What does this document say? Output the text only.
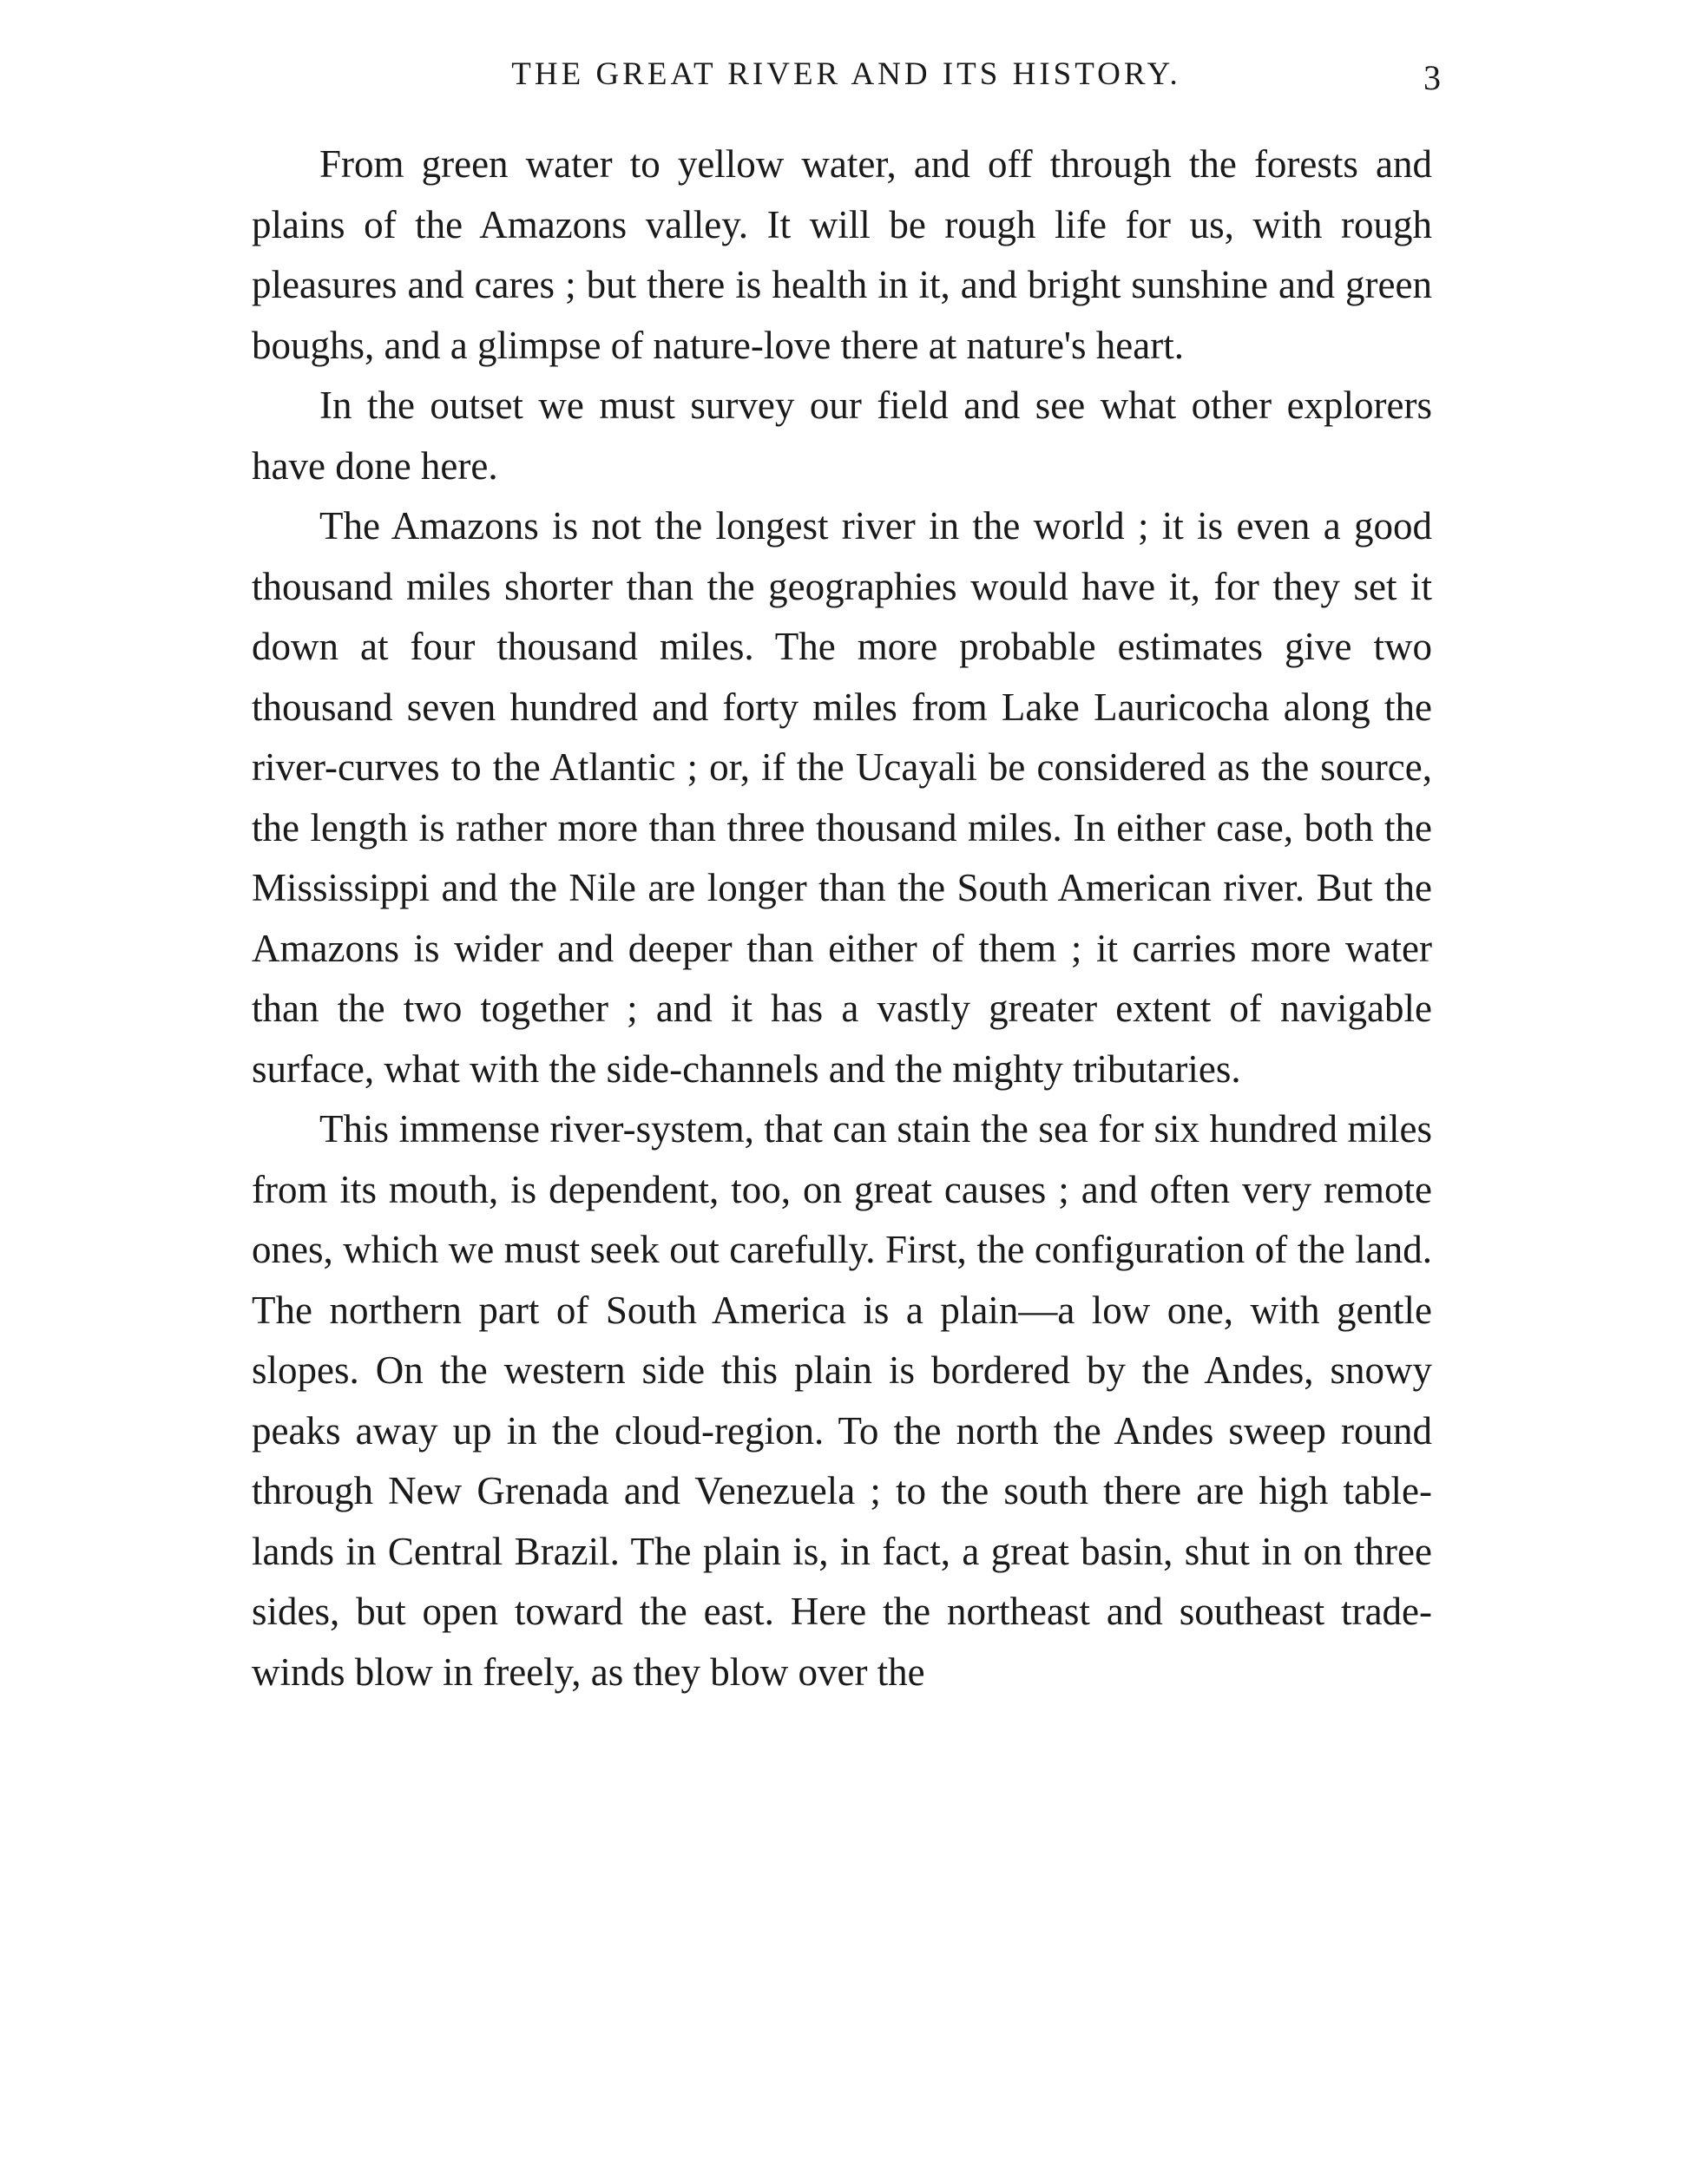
THE GREAT RIVER AND ITS HISTORY.	3

From green water to yellow water, and off through the forests and plains of the Amazons valley. It will be rough life for us, with rough pleasures and cares ; but there is health in it, and bright sunshine and green boughs, and a glimpse of nature-love there at nature's heart.

In the outset we must survey our field and see what other explorers have done here.

The Amazons is not the longest river in the world ; it is even a good thousand miles shorter than the geographies would have it, for they set it down at four thousand miles. The more probable estimates give two thousand seven hundred and forty miles from Lake Lauricocha along the river-curves to the Atlantic ; or, if the Ucayali be considered as the source, the length is rather more than three thousand miles. In either case, both the Mississippi and the Nile are longer than the South American river. But the Amazons is wider and deeper than either of them ; it carries more water than the two together ; and it has a vastly greater extent of navigable surface, what with the side-channels and the mighty tributaries.

This immense river-system, that can stain the sea for six hundred miles from its mouth, is dependent, too, on great causes ; and often very remote ones, which we must seek out carefully. First, the configuration of the land. The northern part of South America is a plain—a low one, with gentle slopes. On the western side this plain is bordered by the Andes, snowy peaks away up in the cloud-region. To the north the Andes sweep round through New Grenada and Venezuela ; to the south there are high table-lands in Central Brazil. The plain is, in fact, a great basin, shut in on three sides, but open toward the east. Here the northeast and southeast trade-winds blow in freely, as they blow over the
